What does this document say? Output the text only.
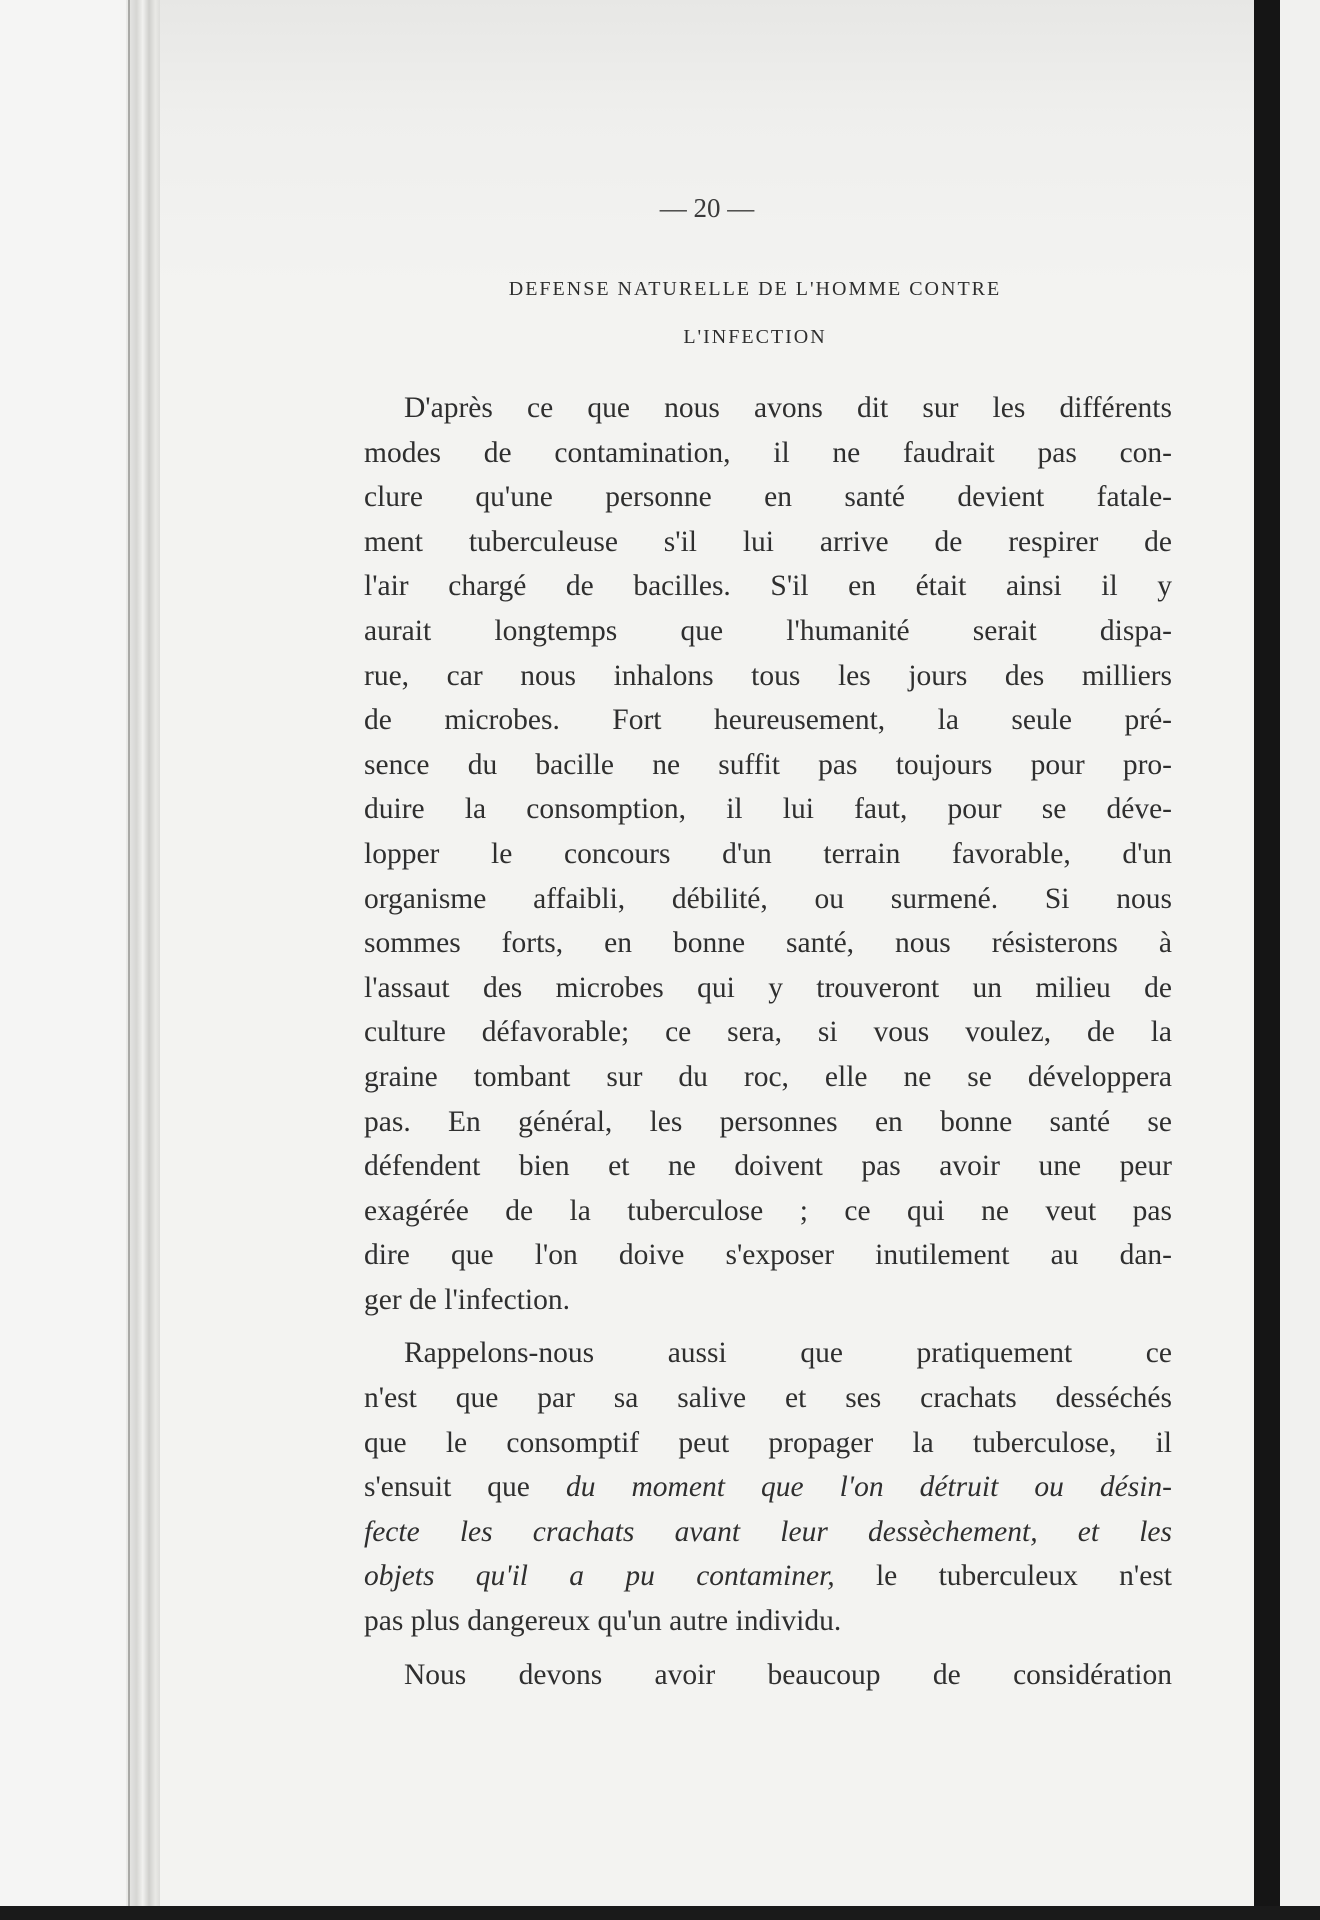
— 20 —
DEFENSE NATURELLE DE L'HOMME CONTRE
L'INFECTION
D'après ce que nous avons dit sur les différents
modes de contamination, il ne faudrait pas con-
clure qu'une personne en santé devient fatale-
ment tuberculeuse s'il lui arrive de respirer de
l'air chargé de bacilles. S'il en était ainsi il y
aurait longtemps que l'humanité serait dispa-
rue, car nous inhalons tous les jours des milliers
de microbes. Fort heureusement, la seule pré-
sence du bacille ne suffit pas toujours pour pro-
duire la consomption, il lui faut, pour se déve-
lopper le concours d'un terrain favorable, d'un
organisme affaibli, débilité, ou surmené. Si nous
sommes forts, en bonne santé, nous résisterons à
l'assaut des microbes qui y trouveront un milieu de
culture défavorable; ce sera, si vous voulez, de la
graine tombant sur du roc, elle ne se développera
pas. En général, les personnes en bonne santé se
défendent bien et ne doivent pas avoir une peur
exagérée de la tuberculose ; ce qui ne veut pas
dire que l'on doive s'exposer inutilement au dan-
ger de l'infection.
Rappelons-nous aussi que pratiquement ce
n'est que par sa salive et ses crachats desséchés
que le consomptif peut propager la tuberculose, il
s'ensuit que du moment que l'on détruit ou désin-
fecte les crachats avant leur dessèchement, et les
objets qu'il a pu contaminer, le tuberculeux n'est
pas plus dangereux qu'un autre individu.
Nous devons avoir beaucoup de considération
